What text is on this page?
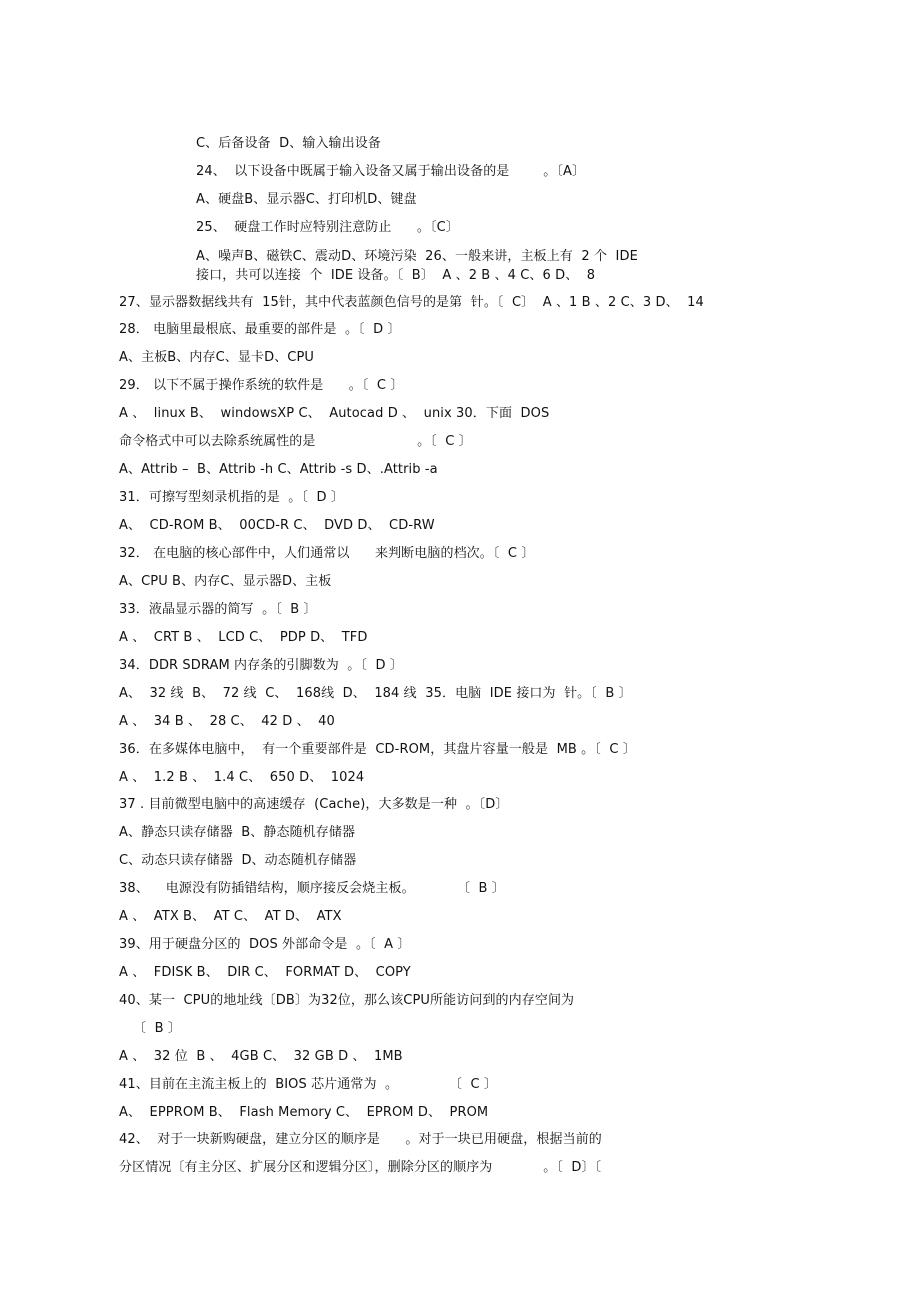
C、后备设备  D、输入输出设备
24、  以下设备中既属于输入设备又属于输出设备的是        。〔A〕
A、硬盘B、显示器C、打印机D、键盘
25、  硬盘工作时应特别注意防止      。〔C〕
A、噪声B、磁铁C、震动D、环境污染  26、一般来讲，主板上有  2 个  IDE
接口，共可以连接  个  IDE 设备。〔  B〕  A 、2 B 、4 C、6 D、  8
27、显示器数据线共有  15针，其中代表蓝颜色信号的是第  针。〔  C〕  A 、1 B 、2 C、3 D、  14
28． 电脑里最根底、最重要的部件是  。〔  D 〕
A、主板B、内存C、显卡D、CPU
29． 以下不属于操作系统的软件是      。〔  C 〕
A 、  linux B、  windowsXP C、  Autocad D 、  unix 30．下面  DOS
命令格式中可以去除系统属性的是                        。〔  C 〕
A、Attrib –  B、Attrib -h C、Attrib -s D、.Attrib -a
31．可擦写型刻录机指的是  。〔  D 〕
A、  CD-ROM B、  00CD-R C、  DVD D、  CD-RW
32． 在电脑的核心部件中，人们通常以      来判断电脑的档次。〔  C 〕
A、CPU B、内存C、显示器D、主板
33．液晶显示器的简写  。〔  B 〕
A 、  CRT B 、  LCD C、  PDP D、  TFD
34．DDR SDRAM 内存条的引脚数为  。〔  D 〕
A、  32 线  B、  72 线  C、  168线  D、  184 线  35．电脑  IDE 接口为  针。〔  B 〕
A 、  34 B 、  28 C、  42 D 、  40
36．在多媒体电脑中，  有一个重要部件是  CD-ROM，其盘片容量一般是  MB 。〔  C 〕
A 、  1.2 B 、  1.4 C、  650 D、  1024
37 . 目前微型电脑中的高速缓存  (Cache)，大多数是一种  。〔D〕
A、静态只读存储器  B、静态随机存储器
C、动态只读存储器  D、动态随机存储器
38、    电源没有防插错结构，顺序接反会烧主板。          〔  B 〕
A 、  ATX B、  AT C、  AT D、  ATX
39、用于硬盘分区的  DOS 外部命令是  。〔  A 〕
A 、  FDISK B、  DIR C、  FORMAT D、  COPY
40、某一  CPU的地址线〔DB〕为32位，那么该CPU所能访问到的内存空间为
〔  B 〕
A 、  32 位  B 、  4GB C、  32 GB D 、  1MB
41、目前在主流主板上的  BIOS 芯片通常为  。            〔  C 〕
A、  EPPROM B、  Flash Memory C、  EPROM D、  PROM
42、  对于一块新购硬盘，建立分区的顺序是      。对于一块已用硬盘，根据当前的
分区情况〔有主分区、扩展分区和逻辑分区〕，删除分区的顺序为            。〔  D〕〔
